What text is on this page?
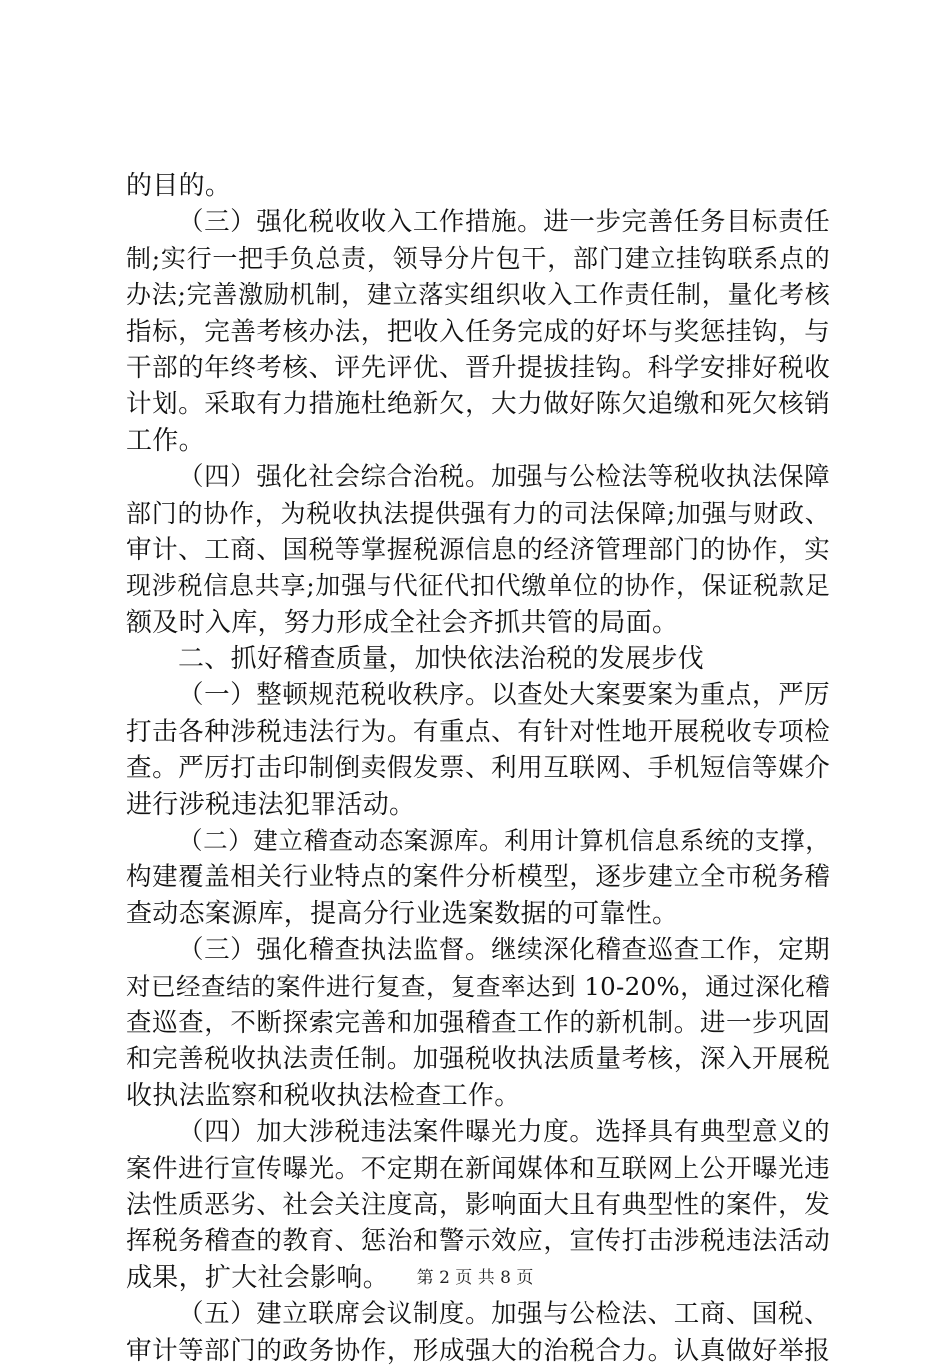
的目的。
（三）强化税收收入工作措施。进一步完善任务目标责任
制;实行一把手负总责，领导分片包干，部门建立挂钩联系点的
办法;完善激励机制，建立落实组织收入工作责任制，量化考核
指标，完善考核办法，把收入任务完成的好坏与奖惩挂钩，与
干部的年终考核、评先评优、晋升提拔挂钩。科学安排好税收
计划。采取有力措施杜绝新欠，大力做好陈欠追缴和死欠核销
工作。
（四）强化社会综合治税。加强与公检法等税收执法保障
部门的协作，为税收执法提供强有力的司法保障;加强与财政、
审计、工商、国税等掌握税源信息的经济管理部门的协作，实
现涉税信息共享;加强与代征代扣代缴单位的协作，保证税款足
额及时入库，努力形成全社会齐抓共管的局面。
二、抓好稽查质量，加快依法治税的发展步伐
（一）整顿规范税收秩序。以查处大案要案为重点，严厉
打击各种涉税违法行为。有重点、有针对性地开展税收专项检
查。严厉打击印制倒卖假发票、利用互联网、手机短信等媒介
进行涉税违法犯罪活动。
（二）建立稽查动态案源库。利用计算机信息系统的支撑，
构建覆盖相关行业特点的案件分析模型，逐步建立全市税务稽
查动态案源库，提高分行业选案数据的可靠性。
（三）强化稽查执法监督。继续深化稽查巡查工作，定期
对已经查结的案件进行复查，复查率达到 10-20%，通过深化稽
查巡查，不断探索完善和加强稽查工作的新机制。进一步巩固
和完善税收执法责任制。加强税收执法质量考核，深入开展税
收执法监察和税收执法检查工作。
（四）加大涉税违法案件曝光力度。选择具有典型意义的
案件进行宣传曝光。不定期在新闻媒体和互联网上公开曝光违
法性质恶劣、社会关注度高，影响面大且有典型性的案件，发
挥税务稽查的教育、惩治和警示效应，宣传打击涉税违法活动
成果，扩大社会影响。
（五）建立联席会议制度。加强与公检法、工商、国税、
审计等部门的政务协作，形成强大的治税合力。认真做好举报
第 2 页 共 8 页
